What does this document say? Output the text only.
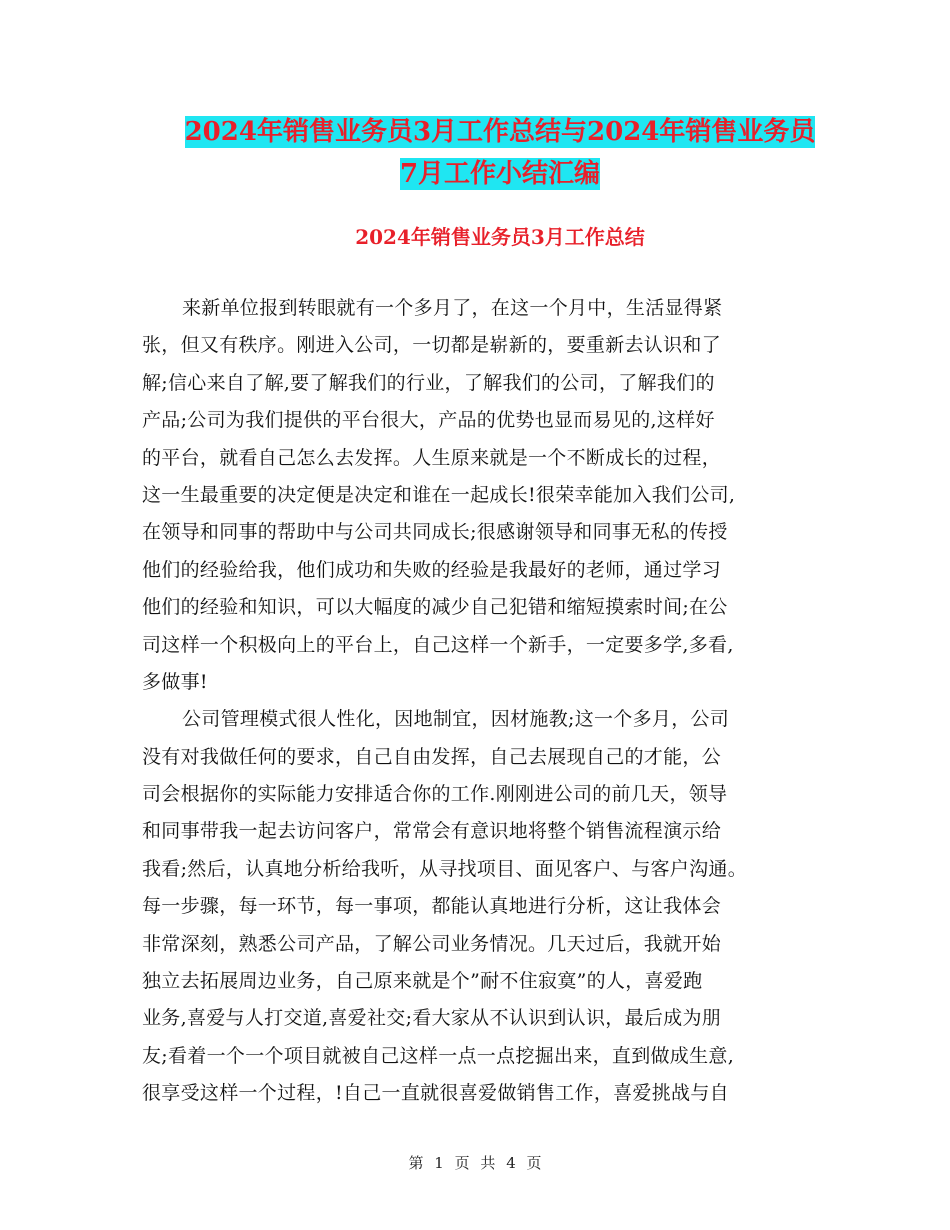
2024年销售业务员3月工作总结与2024年销售业务员
7月工作小结汇编
2024年销售业务员3月工作总结
来新单位报到转眼就有一个多月了，在这一个月中，生活显得紧
张，但又有秩序。刚进入公司，一切都是崭新的，要重新去认识和了
解;信心来自了解,要了解我们的行业，了解我们的公司，了解我们的
产品;公司为我们提供的平台很大，产品的优势也显而易见的,这样好
的平台，就看自己怎么去发挥。人生原来就是一个不断成长的过程，
这一生最重要的决定便是决定和谁在一起成长!很荣幸能加入我们公司,
在领导和同事的帮助中与公司共同成长;很感谢领导和同事无私的传授
他们的经验给我，他们成功和失败的经验是我最好的老师，通过学习
他们的经验和知识，可以大幅度的减少自己犯错和缩短摸索时间;在公
司这样一个积极向上的平台上，自己这样一个新手，一定要多学,多看,
多做事!
公司管理模式很人性化，因地制宜，因材施教;这一个多月，公司
没有对我做任何的要求，自己自由发挥，自己去展现自己的才能，公
司会根据你的实际能力安排适合你的工作.刚刚进公司的前几天，领导
和同事带我一起去访问客户，常常会有意识地将整个销售流程演示给
我看;然后，认真地分析给我听，从寻找项目、面见客户、与客户沟通。
每一步骤，每一环节，每一事项，都能认真地进行分析，这让我体会
非常深刻，熟悉公司产品，了解公司业务情况。几天过后，我就开始
独立去拓展周边业务，自己原来就是个”耐不住寂寞”的人，喜爱跑
业务,喜爱与人打交道,喜爱社交;看大家从不认识到认识，最后成为朋
友;看着一个一个项目就被自己这样一点一点挖掘出来，直到做成生意,
很享受这样一个过程，!自己一直就很喜爱做销售工作，喜爱挑战与自
第 1 页 共 4 页
